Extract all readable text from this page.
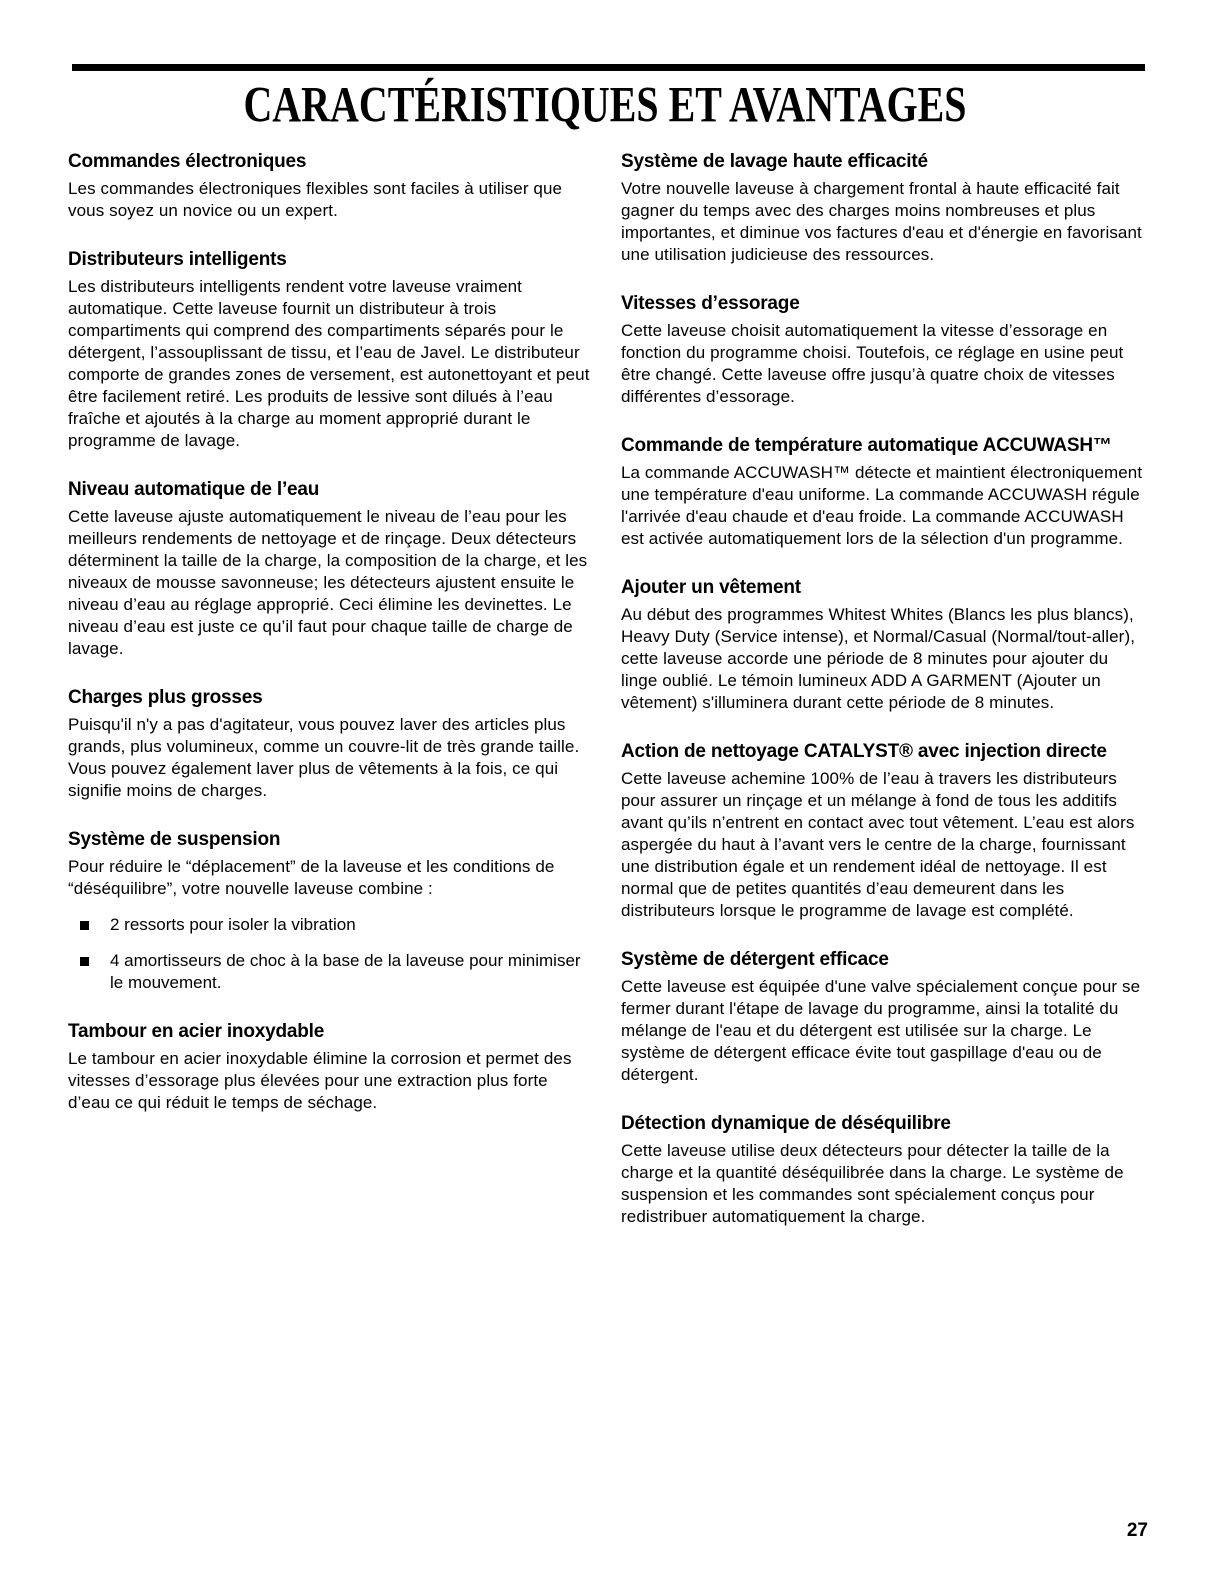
CARACTÉRISTIQUES ET AVANTAGES
Commandes électroniques

Les commandes électroniques flexibles sont faciles à utiliser que vous soyez un novice ou un expert.

Distributeurs intelligents

Les distributeurs intelligents rendent votre laveuse vraiment automatique. Cette laveuse fournit un distributeur à trois compartiments qui comprend des compartiments séparés pour le détergent, l’assouplissant de tissu, et l’eau de Javel. Le distributeur comporte de grandes zones de versement, est autonettoyant et peut être facilement retiré. Les produits de lessive sont dilués à l’eau fraîche et ajoutés à la charge au moment approprié durant le programme de lavage.

Niveau automatique de l’eau

Cette laveuse ajuste automatiquement le niveau de l’eau pour les meilleurs rendements de nettoyage et de rinçage. Deux détecteurs déterminent la taille de la charge, la composition de la charge, et les niveaux de mousse savonneuse; les détecteurs ajustent ensuite le niveau d’eau au réglage approprié. Ceci élimine les devinettes. Le niveau d’eau est juste ce qu’il faut pour chaque taille de charge de lavage.

Charges plus grosses

Puisqu'il n'y a pas d'agitateur, vous pouvez laver des articles plus grands, plus volumineux, comme un couvre-lit de très grande taille. Vous pouvez également laver plus de vêtements à la fois, ce qui signifie moins de charges.

Système de suspension

Pour réduire le “déplacement” de la laveuse et les conditions de “déséquilibre”, votre nouvelle laveuse combine :

2 ressorts pour isoler la vibration
4 amortisseurs de choc à la base de la laveuse pour minimiser le mouvement.
Tambour en acier inoxydable

Le tambour en acier inoxydable élimine la corrosion et permet des vitesses d’essorage plus élevées pour une extraction plus forte d’eau ce qui réduit le temps de séchage.

Système de lavage haute efficacité

Votre nouvelle laveuse à chargement frontal à haute efficacité fait gagner du temps avec des charges moins nombreuses et plus importantes, et diminue vos factures d'eau et d'énergie en favorisant une utilisation judicieuse des ressources.

Vitesses d’essorage

Cette laveuse choisit automatiquement la vitesse d’essorage en fonction du programme choisi. Toutefois, ce réglage en usine peut être changé. Cette laveuse offre jusqu’à quatre choix de vitesses différentes d’essorage.

Commande de température automatique ACCUWASH™

La commande ACCUWASH™ détecte et maintient électroniquement une température d'eau uniforme. La commande ACCUWASH régule l'arrivée d'eau chaude et d'eau froide. La commande ACCUWASH est activée automatiquement lors de la sélection d'un programme.

Ajouter un vêtement

Au début des programmes Whitest Whites (Blancs les plus blancs), Heavy Duty (Service intense), et Normal/Casual (Normal/tout-aller), cette laveuse accorde une période de 8 minutes pour ajouter du linge oublié. Le témoin lumineux ADD A GARMENT (Ajouter un vêtement) s'illuminera durant cette période de 8 minutes.

Action de nettoyage CATALYST® avec injection directe

Cette laveuse achemine 100% de l’eau à travers les distributeurs pour assurer un rinçage et un mélange à fond de tous les additifs avant qu’ils n’entrent en contact avec tout vêtement. L’eau est alors aspergée du haut à l’avant vers le centre de la charge, fournissant une distribution égale et un rendement idéal de nettoyage. Il est normal que de petites quantités d’eau demeurent dans les distributeurs lorsque le programme de lavage est complété.

Système de détergent efficace

Cette laveuse est équipée d'une valve spécialement conçue pour se fermer durant l'étape de lavage du programme, ainsi la totalité du mélange de l'eau et du détergent est utilisée sur la charge. Le système de détergent efficace évite tout gaspillage d'eau ou de détergent.

Détection dynamique de déséquilibre

Cette laveuse utilise deux détecteurs pour détecter la taille de la charge et la quantité déséquilibrée dans la charge. Le système de suspension et les commandes sont spécialement conçus pour redistribuer automatiquement la charge.

27
